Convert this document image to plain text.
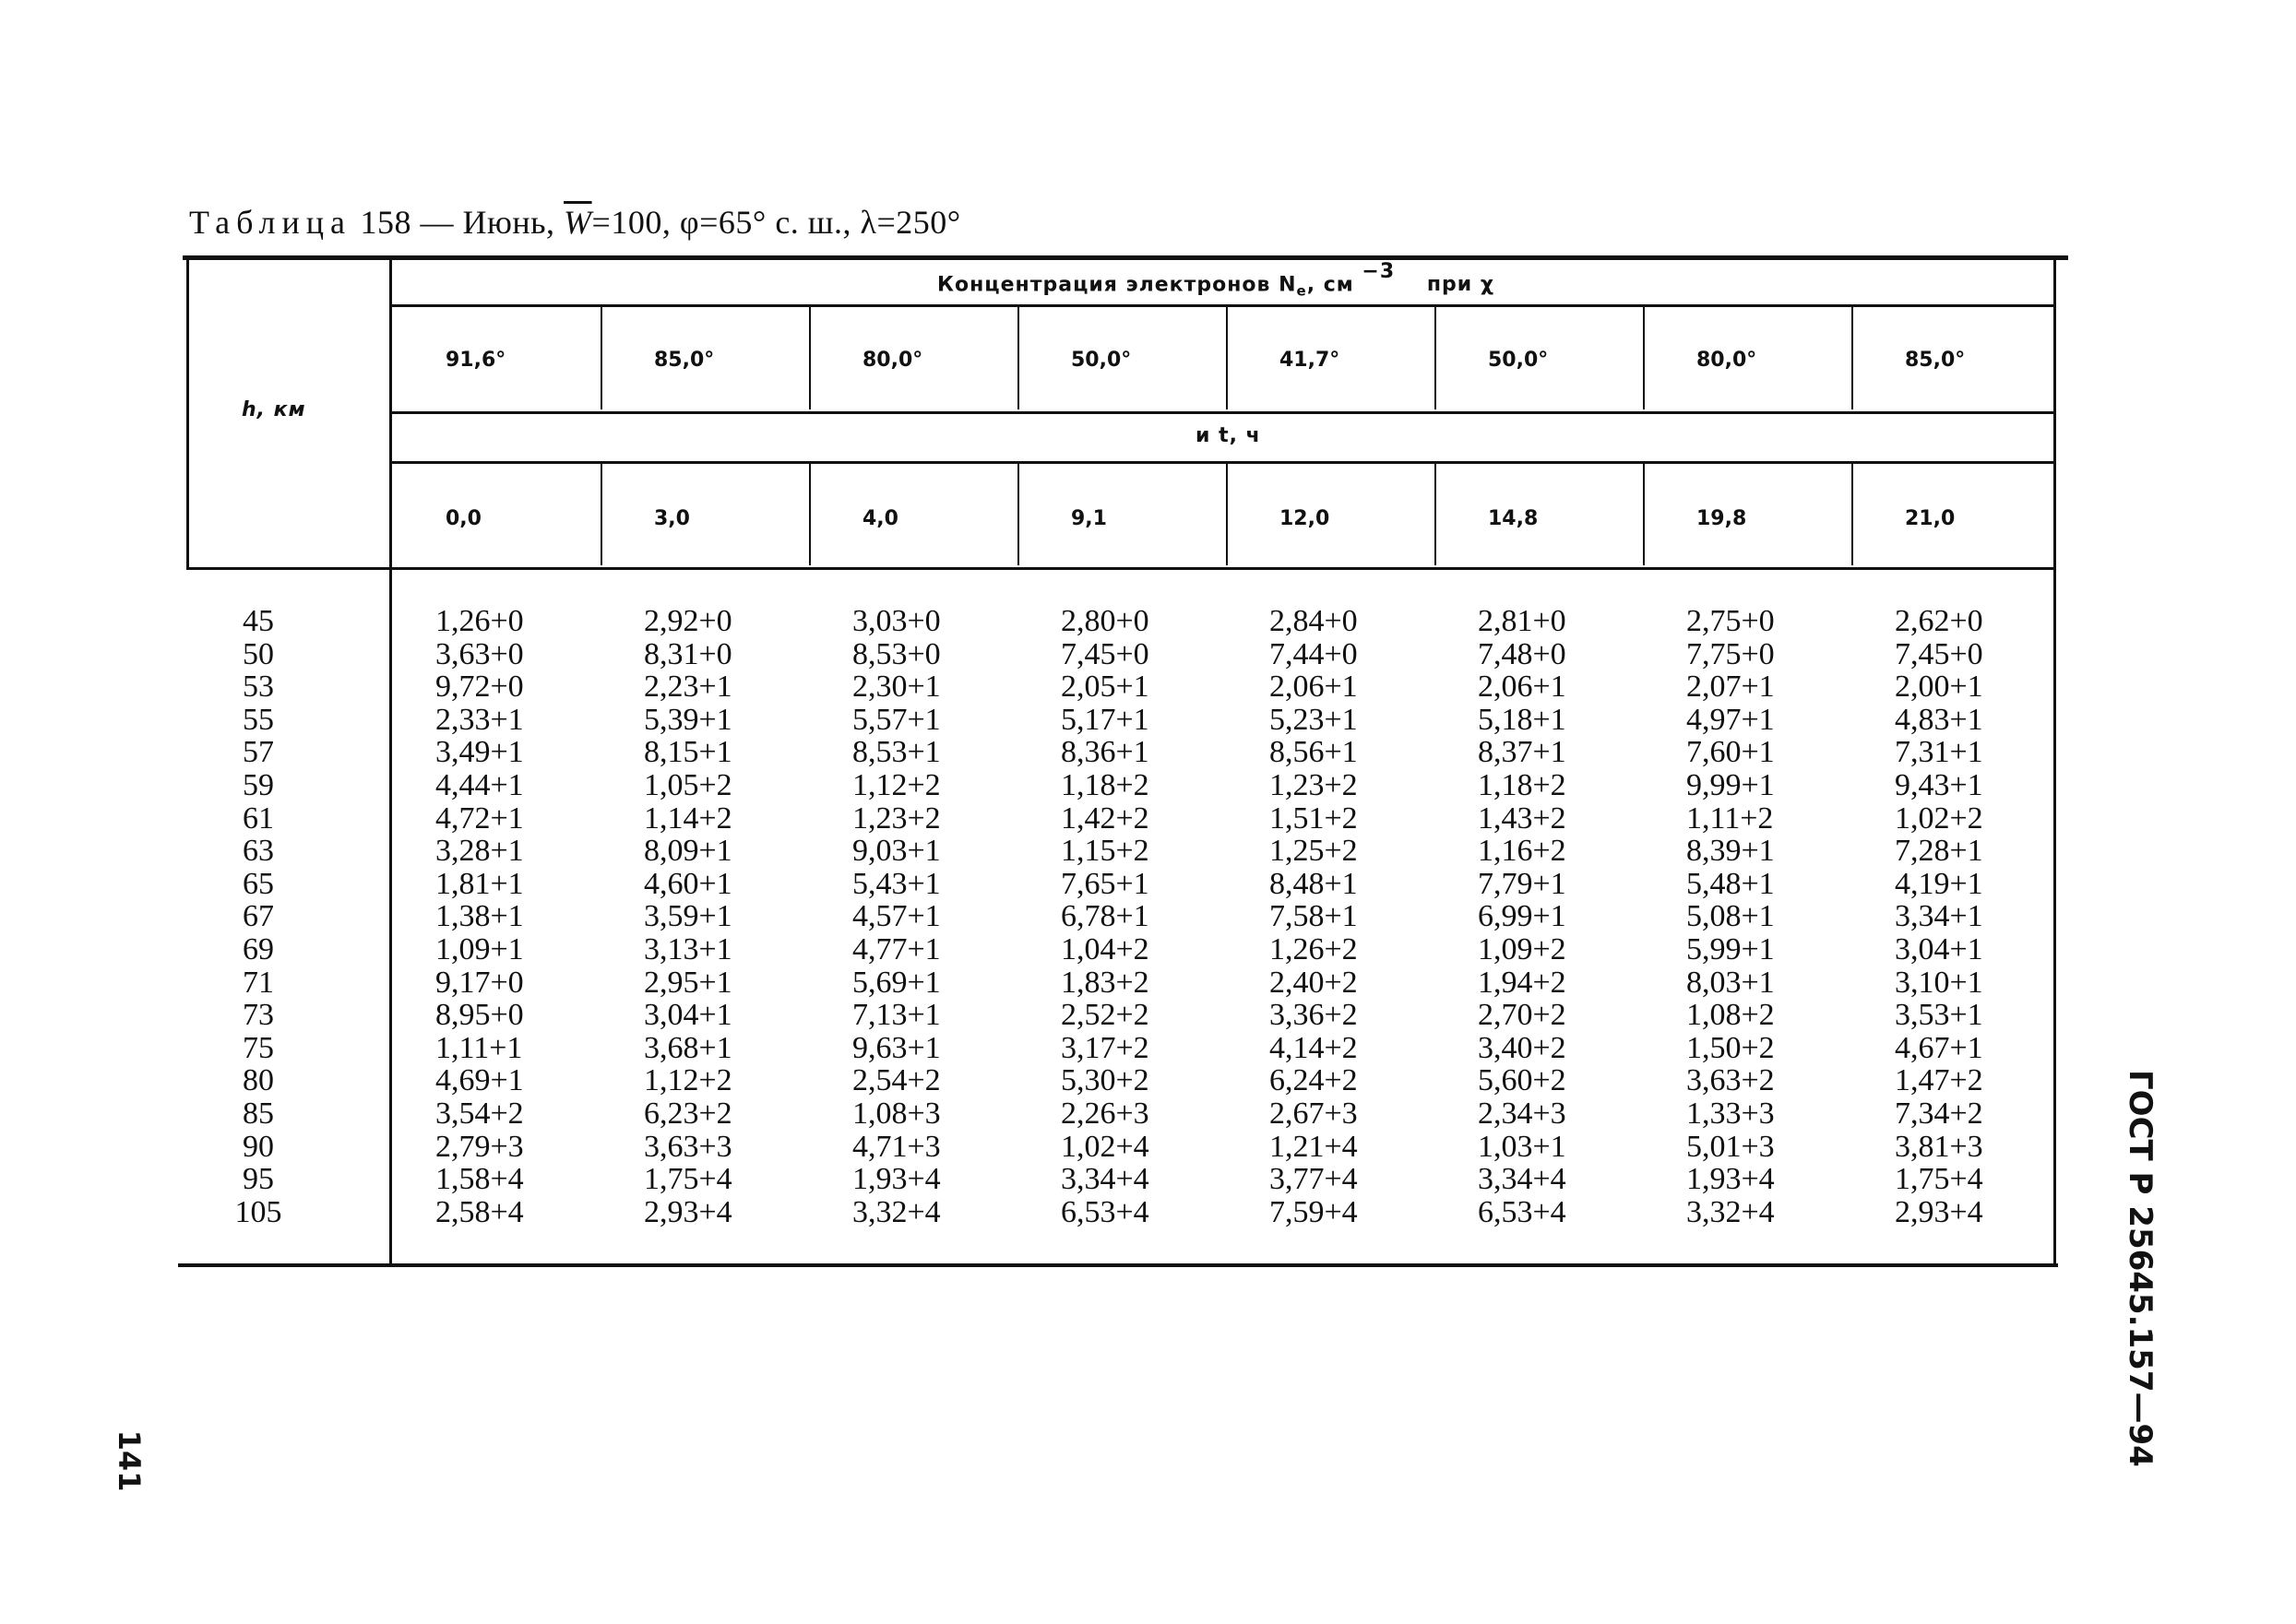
Таблица 158 — Июнь, $\overline{W}=100$, φ=65° с. ш., λ=250°
Концентрация электронов $N_e$, см $^{-3}$ при χ
h, км
и t, ч
91,6°	85,0°	80,0°	50,0°	41,7°	50,0°	80,0°	85,0°
0,0	3,0	4,0	9,1	12,0	14,8	19,8	21,0
45	1,26+0	2,92+0	3,03+0	2,80+0	2,84+0	2,81+0	2,75+0	2,62+0
50	3,63+0	8,31+0	8,53+0	7,45+0	7,44+0	7,48+0	7,75+0	7,45+0
53	9,72+0	2,23+1	2,30+1	2,05+1	2,06+1	2,06+1	2,07+1	2,00+1
55	2,33+1	5,39+1	5,57+1	5,17+1	5,23+1	5,18+1	4,97+1	4,83+1
57	3,49+1	8,15+1	8,53+1	8,36+1	8,56+1	8,37+1	7,60+1	7,31+1
59	4,44+1	1,05+2	1,12+2	1,18+2	1,23+2	1,18+2	9,99+1	9,43+1
61	4,72+1	1,14+2	1,23+2	1,42+2	1,51+2	1,43+2	1,11+2	1,02+2
63	3,28+1	8,09+1	9,03+1	1,15+2	1,25+2	1,16+2	8,39+1	7,28+1
65	1,81+1	4,60+1	5,43+1	7,65+1	8,48+1	7,79+1	5,48+1	4,19+1
67	1,38+1	3,59+1	4,57+1	6,78+1	7,58+1	6,99+1	5,08+1	3,34+1
69	1,09+1	3,13+1	4,77+1	1,04+2	1,26+2	1,09+2	5,99+1	3,04+1
71	9,17+0	2,95+1	5,69+1	1,83+2	2,40+2	1,94+2	8,03+1	3,10+1
73	8,95+0	3,04+1	7,13+1	2,52+2	3,36+2	2,70+2	1,08+2	3,53+1
75	1,11+1	3,68+1	9,63+1	3,17+2	4,14+2	3,40+2	1,50+2	4,67+1
80	4,69+1	1,12+2	2,54+2	5,30+2	6,24+2	5,60+2	3,63+2	1,47+2
85	3,54+2	6,23+2	1,08+3	2,26+3	2,67+3	2,34+3	1,33+3	7,34+2
90	2,79+3	3,63+3	4,71+3	1,02+4	1,21+4	1,03+1	5,01+3	3,81+3
95	1,58+4	1,75+4	1,93+4	3,34+4	3,77+4	3,34+4	1,93+4	1,75+4
105	2,58+4	2,93+4	3,32+4	6,53+4	7,59+4	6,53+4	3,32+4	2,93+4	ГОСТ Р 25645.157—94
141
